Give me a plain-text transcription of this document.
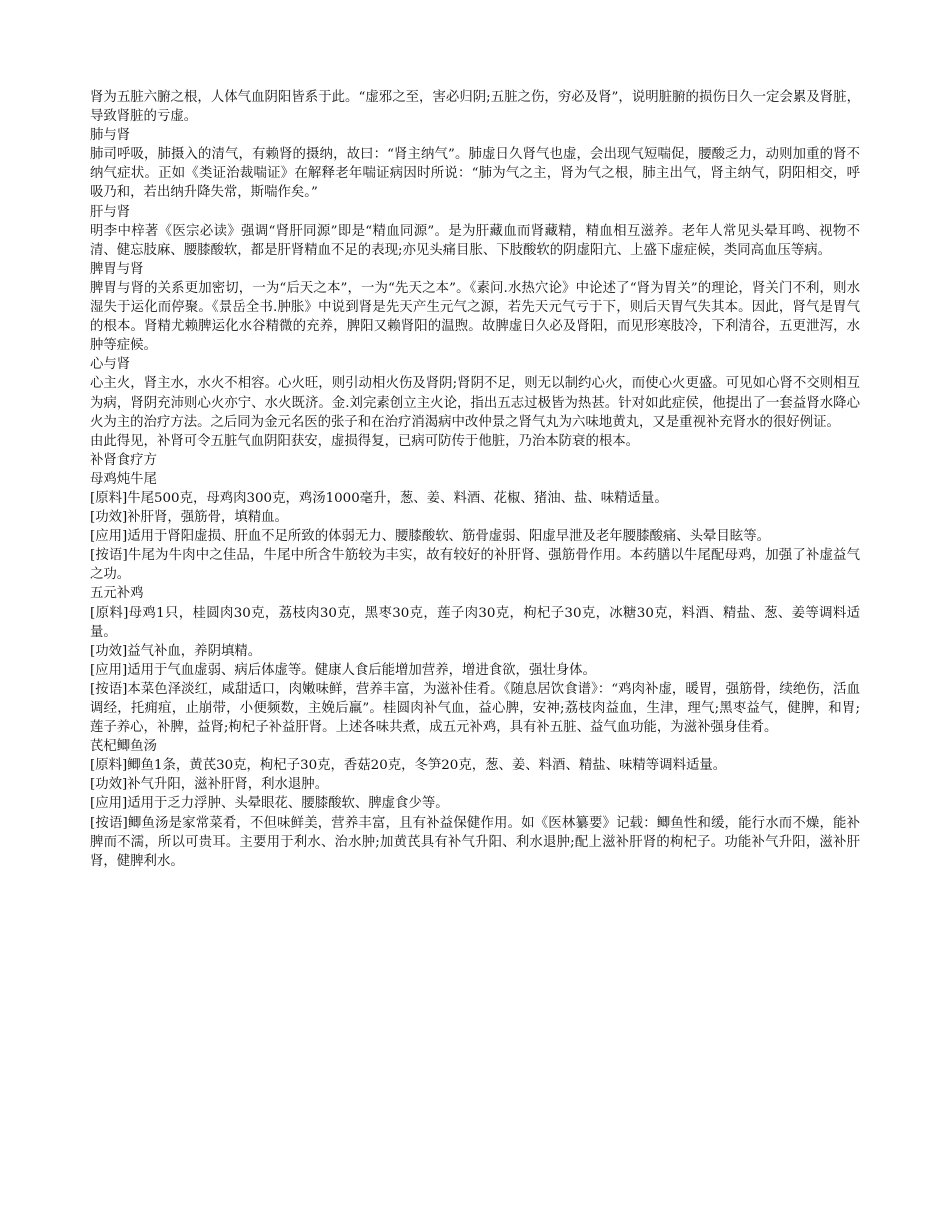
肾为五脏六腑之根，人体气血阴阳皆系于此。“虚邪之至，害必归阴;五脏之伤，穷必及肾”，说明脏腑的损伤日久一定会累及肾脏，导致肾脏的亏虚。

肺与肾

肺司呼吸，肺摄入的清气，有赖肾的摄纳，故曰：“肾主纳气”。肺虚日久肾气也虚，会出现气短喘促，腰酸乏力，动则加重的肾不纳气症状。正如《类证治裁喘证》在解释老年喘证病因时所说：“肺为气之主，肾为气之根，肺主出气，肾主纳气，阴阳相交，呼吸乃和，若出纳升降失常，斯喘作矣。”

肝与肾

明李中梓著《医宗必读》强调“肾肝同源”即是“精血同源”。是为肝藏血而肾藏精，精血相互滋养。老年人常见头晕耳鸣、视物不清、健忘肢麻、腰膝酸软，都是肝肾精血不足的表现;亦见头痛目胀、下肢酸软的阴虚阳亢、上盛下虚症候，类同高血压等病。

脾胃与肾

脾胃与肾的关系更加密切，一为“后天之本”，一为“先天之本”。《素问.水热穴论》中论述了“肾为胃关”的理论，肾关门不利，则水湿失于运化而停聚。《景岳全书.肿胀》中说到肾是先天产生元气之源，若先天元气亏于下，则后天胃气失其本。因此，肾气是胃气的根本。肾精尤赖脾运化水谷精微的充养，脾阳又赖肾阳的温煦。故脾虚日久必及肾阳，而见形寒肢冷，下利清谷，五更泄泻，水肿等症候。

心与肾

心主火，肾主水，水火不相容。心火旺，则引动相火伤及肾阴;肾阴不足，则无以制约心火，而使心火更盛。可见如心肾不交则相互为病，肾阴充沛则心火亦宁、水火既济。金.刘完素创立主火论，指出五志过极皆为热甚。针对如此症侯，他提出了一套益肾水降心火为主的治疗方法。之后同为金元名医的张子和在治疗消渴病中改仲景之肾气丸为六味地黄丸，又是重视补充肾水的很好例证。

由此得见，补肾可令五脏气血阴阳获安，虚损得复，已病可防传于他脏，乃治本防衰的根本。

补肾食疗方

母鸡炖牛尾

[原料]牛尾500克，母鸡肉300克，鸡汤1000毫升，葱、姜、料酒、花椒、猪油、盐、味精适量。

[功效]补肝肾，强筋骨，填精血。

[应用]适用于肾阳虚损、肝血不足所致的体弱无力、腰膝酸软、筋骨虚弱、阳虚早泄及老年腰膝酸痛、头晕目眩等。

[按语]牛尾为牛肉中之佳品，牛尾中所含牛筋较为丰实，故有较好的补肝肾、强筋骨作用。本药膳以牛尾配母鸡，加强了补虚益气之功。

五元补鸡

[原料]母鸡1只，桂圆肉30克，荔枝肉30克，黑枣30克，莲子肉30克，枸杞子30克，冰糖30克，料酒、精盐、葱、姜等调料适量。

[功效]益气补血，养阴填精。

[应用]适用于气血虚弱、病后体虚等。健康人食后能增加营养，增进食欲，强壮身体。

[按语]本菜色泽淡红，咸甜适口，肉嫩味鲜，营养丰富，为滋补佳肴。《随息居饮食谱》：“鸡肉补虚，暖胃，强筋骨，续绝伤，活血调经，托痈疽，止崩带，小便频数，主娩后羸”。桂圆肉补气血，益心脾，安神;荔枝肉益血，生津，理气;黑枣益气，健脾，和胃;莲子养心，补脾，益肾;枸杞子补益肝肾。上述各味共煮，成五元补鸡，具有补五脏、益气血功能，为滋补强身佳肴。

芪杞鲫鱼汤

[原料]鲫鱼1条，黄芪30克，枸杞子30克，香菇20克，冬笋20克，葱、姜、料酒、精盐、味精等调料适量。

[功效]补气升阳，滋补肝肾，利水退肿。

[应用]适用于乏力浮肿、头晕眼花、腰膝酸软、脾虚食少等。

[按语]鲫鱼汤是家常菜肴，不但味鲜美，营养丰富，且有补益保健作用。如《医林纂要》记载：鲫鱼性和缓，能行水而不燥，能补脾而不濡，所以可贵耳。主要用于利水、治水肿;加黄芪具有补气升阳、利水退肿;配上滋补肝肾的枸杞子。功能补气升阳，滋补肝肾，健脾利水。
